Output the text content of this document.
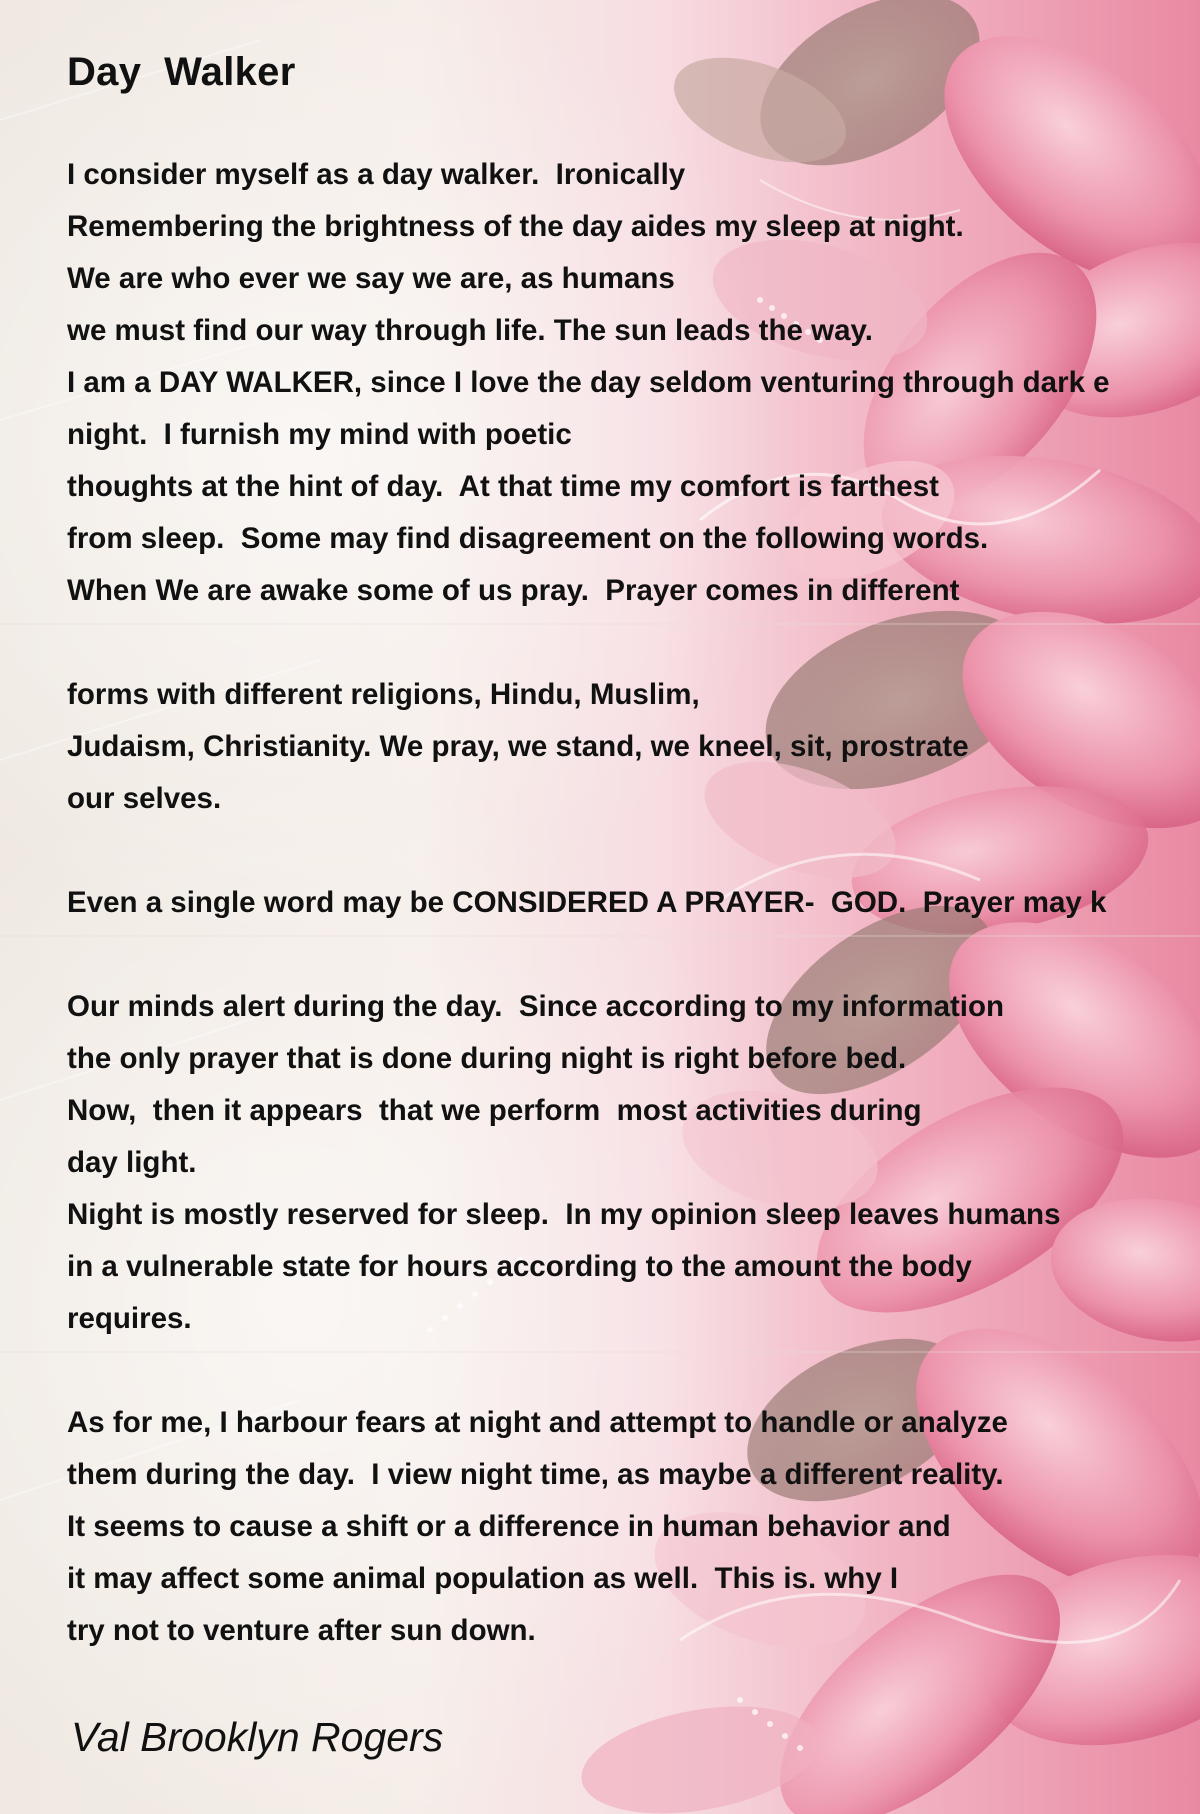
Day  Walker

I consider myself as a day walker.  Ironically

Remembering the brightness of the day aides my sleep at night.

We are who ever we say we are, as humans

we must find our way through life. The sun leads the way.

I am a DAY WALKER, since I love the day seldom venturing through dark e

night.  I furnish my mind with poetic

thoughts at the hint of day.  At that time my comfort is farthest

from sleep.  Some may find disagreement on the following words.

When We are awake some of us pray.  Prayer comes in different

forms with different religions, Hindu, Muslim,

Judaism, Christianity. We pray, we stand, we kneel, sit, prostrate

our selves.

Even a single word may be CONSIDERED A PRAYER-  GOD.  Prayer may k

Our minds alert during the day.  Since according to my information

the only prayer that is done during night is right before bed.

Now,  then it appears  that we perform  most activities during

day light.

Night is mostly reserved for sleep.  In my opinion sleep leaves humans

in a vulnerable state for hours according to the amount the body

requires.

As for me, I harbour fears at night and attempt to handle or analyze

them during the day.  I view night time, as maybe a different reality.

It seems to cause a shift or a difference in human behavior and

it may affect some animal population as well.  This is. why I

try not to venture after sun down.

Val Brooklyn Rogers
